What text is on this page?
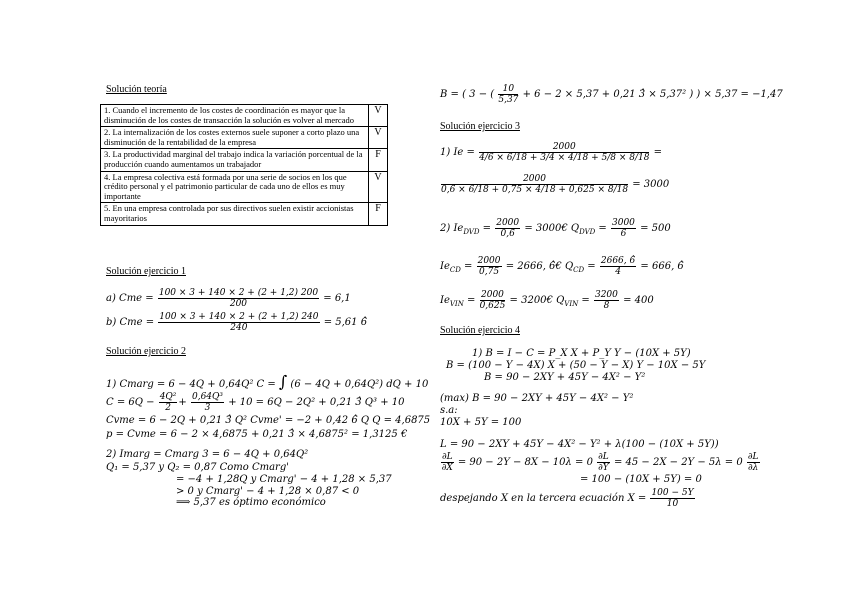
Solución teoría
1. Cuando el incremento de los costes de coordinación es mayor que la disminución de los costes de transacción la solución es volver al mercado	V
2. La internalización de los costes externos suele suponer a corto plazo una disminución de la rentabilidad de la empresa	V
3. La productividad marginal del trabajo indica la variación porcentual de la producción cuando aumentamos un trabajador	F
4. La empresa colectiva está formada por una serie de socios en los que crédito personal y el patrimonio particular de cada uno de ellos es muy importante	V
5. En una empresa controlada por sus directivos suelen existir accionistas mayoritarios	F
Solución ejercicio 1
a) Cme = $\frac{100 \times 3 + 140 \times 2 + (2 + 1,2) 200}{200} = 6,1$
b) Cme = $\frac{100 \times 3 + 140 \times 2 + (2 + 1,2) 240}{240} = 5,61$ 6̂
Solución ejercicio 2
1) Cmarg = 6 − 4Q + 0,64Q² C = ∫ (6 − 4Q + 0,64Q²) dQ + 10
$C = 6Q - \frac{\text{4Q²}}{2} + \frac{\text{0,64Q³}}{3} + 10 = 6Q - 2Q^2 + 0,21$ 3̂ Q³ + 10
Cvme = 6 − 2Q + 0,21 3̂ Q² Cvme' = −2 + 0,42 6̂ Q Q = 4,6875
p = Cvme = 6 − 2 × 4,6875 + 0,21 3̂ × 4,6875² = 1,3125 €
2) Imarg = Cmarg 3 = 6 − 4Q + 0,64Q²
Q₁ = 5,37 y Q₂ = 0,87 Como Cmarg'
= −4 + 1,28Q y Cmarg' − 4 + 1,28 × 5,37
> 0 y Cmarg' − 4 + 1,28 × 0,87 < 0
⟹ 5,37 es óptimo económico
B = ( 3 − ( $\frac{10}{5,37} + 6 - 2 \times 5,37 + 0,21$ 3̂ × 5,37² ) ) × 5,37 = −1,47
Solución ejercicio 3
1) $Ie = \frac{2000}{4/6 \times 6/18 + 3/4 \times 4/18 + 5/8 \times 8/18}$ =
$\frac{2000}{0,6̂ \times 6/18 + 0,75 \times 4/18 + 0,625 \times 8/18} = 3000$
2) $Ie_{DVD} = \frac{2000}{0,6̂}$ = 3000€ $Q_{DVD} = \frac{3000}{6} = 500$
$Ie_{CD} = \frac{2000}{0,75} = 2666$, 6̂€ $Q_{CD} = \frac{2666, 6̂}{4} = 666$, 6̂
$Ie_{VIN} = \frac{2000}{0,625}$ = 3200€ $Q_{VIN} = \frac{3200}{8} = 400$
Solución ejercicio 4
1) B = I − C = P_X X + P_Y Y − (10X + 5Y)
B = (100 − Y − 4X) X + (50 − Y − X) Y − 10X − 5Y
B = 90 − 2XY + 45Y − 4X² − Y²
(max) B = 90 − 2XY + 45Y − 4X² − Y²
s.a:
10X + 5Y = 100
L = 90 − 2XY + 45Y − 4X² − Y² + λ(100 − (10X + 5Y))
$\frac{\partial L}{\partial X} = 90 - 2Y - 8X - 10\lambda = 0 \frac{\partial L}{\partial Y} = 45 - 2X - 2Y - 5\lambda = 0 \frac{\partial L}{\partial\lambda}$
= 100 − (10X + 5Y) = 0
despejando X en la tercera ecuación $X = \frac{100 - 5Y}{10}$
